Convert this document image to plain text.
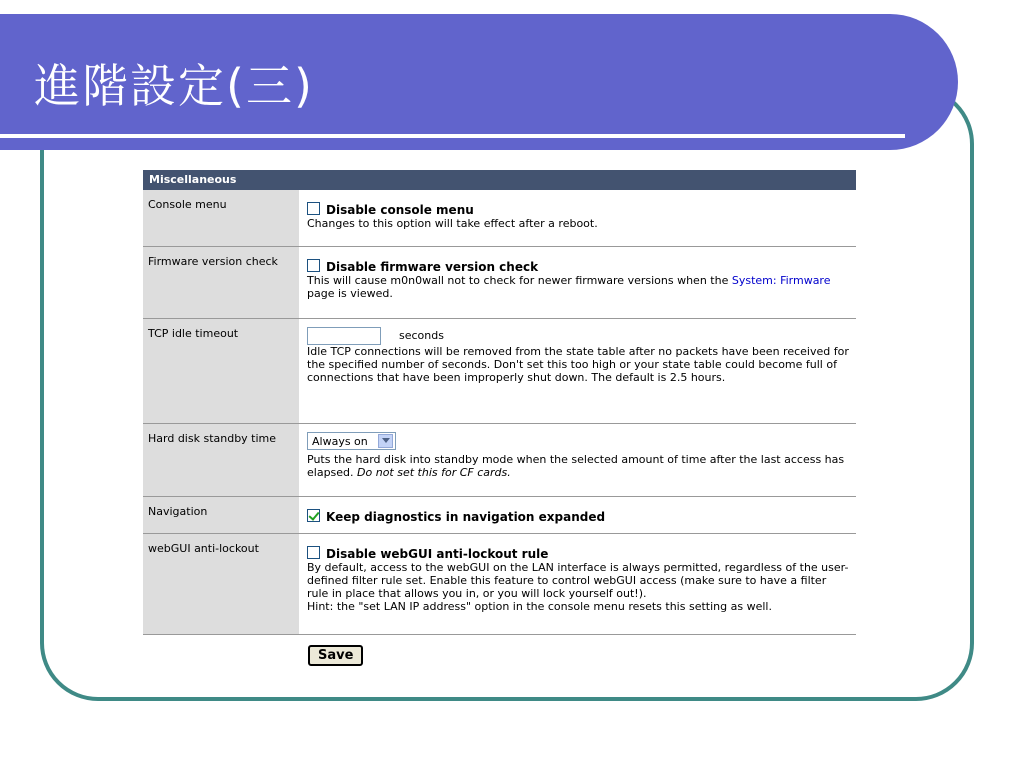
進階設定(三)
Miscellaneous
Console menu	Disable console menu
Changes to this option will take effect after a reboot.
Firmware version check	Disable firmware version check
This will cause m0n0wall not to check for newer firmware versions when the System: Firmware page is viewed.
TCP idle timeout	seconds
Idle TCP connections will be removed from the state table after no packets have been received for the specified number of seconds. Don't set this too high or your state table could become full of connections that have been improperly shut down. The default is 2.5 hours.
Hard disk standby time	Always on
Puts the hard disk into standby mode when the selected amount of time after the last access has elapsed. Do not set this for CF cards.
Navigation	Keep diagnostics in navigation expanded
webGUI anti-lockout	Disable webGUI anti-lockout rule
By default, access to the webGUI on the LAN interface is always permitted, regardless of the user-defined filter rule set. Enable this feature to control webGUI access (make sure to have a filter rule in place that allows you in, or you will lock yourself out!).
Hint: the "set LAN IP address" option in the console menu resets this setting as well.
Save
